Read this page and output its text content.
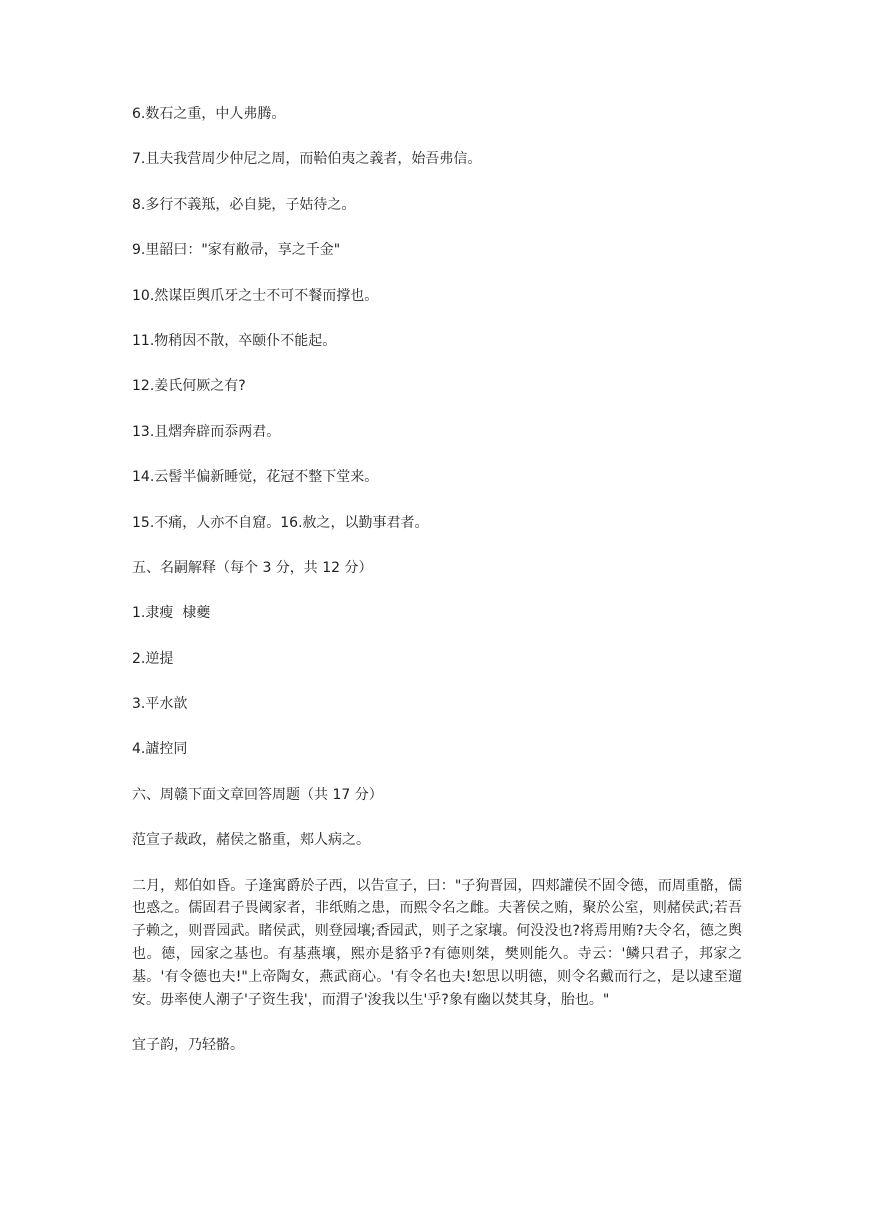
6.数石之重，中人弗腾。

7.且夫我营周少仲尼之周，而鞈伯夷之義者，始吾弗信。

8.多行不義羝，必自毙，子姑待之。

9.里韶曰："家有敝帚，享之千金"

10.然谋臣舆爪牙之士不可不餐而撑也。

11.物稍因不散，卒颐仆不能起。

12.姜氏何厥之有?

13.且熠奔辟而忝两君。

14.云髻半偏新睡觉，花冠不整下堂来。

15.不痛，人亦不自窟。16.赦之，以勤事君者。

五、名嗣解释（每个 3 分，共 12 分）

1.隶瘦  棣夔

2.逆提

3.平水歆

4.謯控同

六、周赣下面文章回答周题（共 17 分）

范宣子裁政，赭侯之骼重，郏人病之。

二月，郏伯如昏。子逢寓爵於子西，以告宣子，曰："子狗晋园，四郏讙侯不固令德，而周重骼，儒也惑之。儒固君子畏阈家者，非纸贿之患，而熙令名之雌。夫著侯之贿，聚於公室，则赭侯武;若吾子赖之，则晋园武。睹侯武，则登园壤;香园武，则子之家壤。何没没也?将焉用贿?夫令名，德之舆也。德，园家之基也。有基燕壤，熙亦是貉乎?有德则桀，樊则能久。寺云：'鳞只君子，邦家之基。'有令德也夫!"上帝陶女，燕武商心。'有令名也夫!恕思以明德，则令名戴而行之，是以逮至遛安。毋率使人潮子'子资生我'，而渭子'浚我以生'乎?象有幽以焚其身，胎也。"

宜子韵，乃轻骼。
